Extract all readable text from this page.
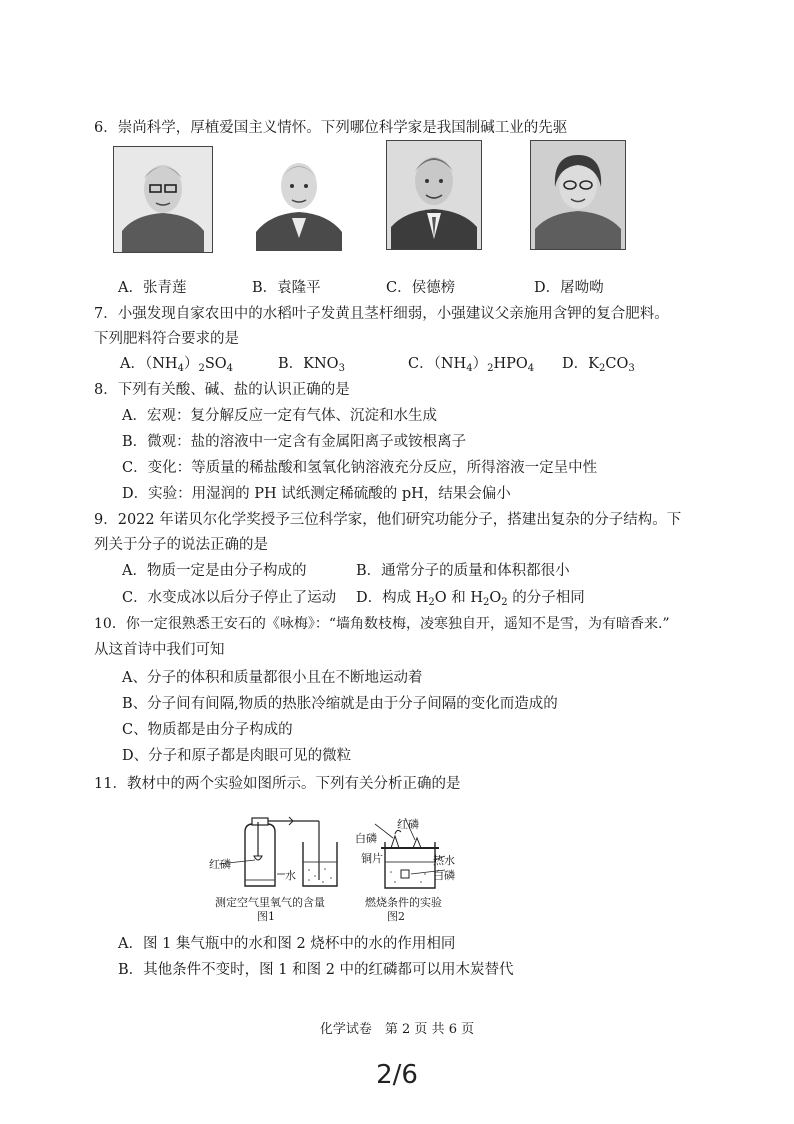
6．崇尚科学，厚植爱国主义情怀。下列哪位科学家是我国制碱工业的先驱
A．张青莲	B．袁隆平	C．侯德榜	D．屠呦呦
7．小强发现自家农田中的水稻叶子发黄且茎杆细弱，小强建议父亲施用含钾的复合肥料。
下列肥料符合要求的是
A．$(NH_4)_2SO_4$	B．$KNO_3$	C．$(NH_4)_2HPO_4$ D．$K_2CO_3$
8．下列有关酸、碱、盐的认识正确的是
A．宏观：复分解反应一定有气体、沉淀和水生成
B．微观：盐的溶液中一定含有金属阳离子或铵根离子
C．变化：等质量的稀盐酸和氢氧化钠溶液充分反应，所得溶液一定呈中性
D．实验：用湿润的 PH 试纸测定稀硫酸的 pH，结果会偏小
9．2022 年诺贝尔化学奖授予三位科学家，他们研究功能分子，搭建出复杂的分子结构。下
列关于分子的说法正确的是
A．物质一定是由分子构成的	B．通常分子的质量和体积都很小
C．水变成冰以后分子停止了运动 D．构成 $H_2O$ 和 $H_2O_2$ 的分子相同
10．你一定很熟悉王安石的《咏梅》：“墙角数枝梅，凌寒独自开，遥知不是雪，为有暗香来.”
从这首诗中我们可知
A、分子的体积和质量都很小且在不断地运动着
B、分子间有间隔,物质的热胀冷缩就是由于分子间隔的变化而造成的
C、物质都是由分子构成的
D、分子和原子都是肉眼可见的微粒
11．教材中的两个实验如图所示。下列有关分析正确的是
红磷
水
测定空气里氧气的含量
图1
白磷
红磷
铜片	热水
白磷
燃烧条件的实验
图2
A．图 1 集气瓶中的水和图 2 烧杯中的水的作用相同
B．其他条件不变时，图 1 和图 2 中的红磷都可以用木炭替代
化学试卷　第 2 页 共 6 页
2/6
